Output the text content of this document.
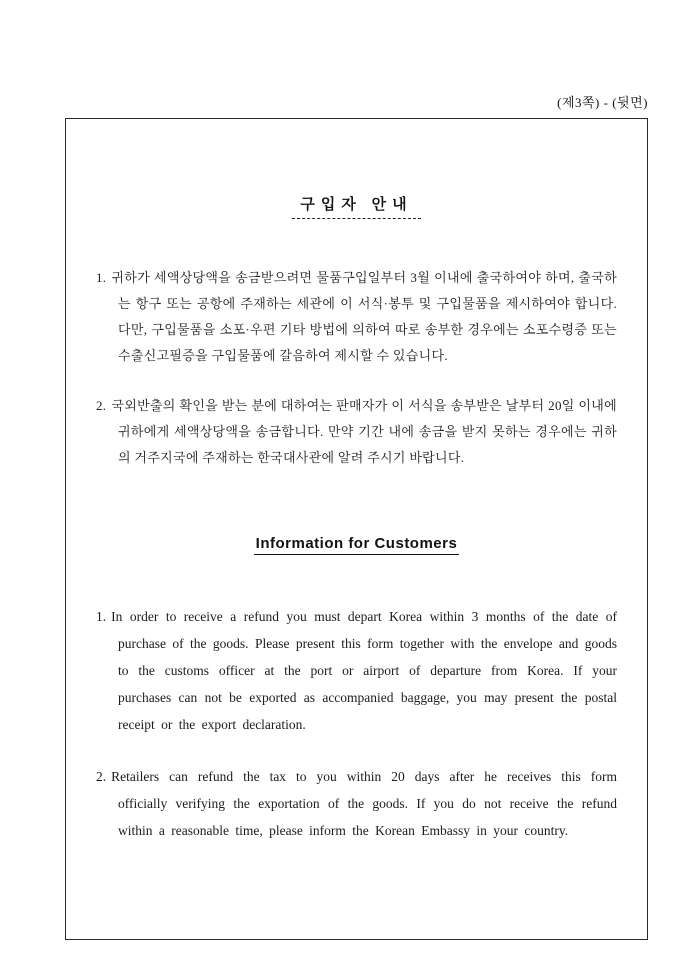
(제3쪽) - (뒷면)
구입자 안내
1. 귀하가 세액상당액을 송금받으려면 물품구입일부터 3월 이내에 출국하여야 하며, 출국하는 항구 또는 공항에 주재하는 세관에 이 서식·봉투 및 구입물품을 제시하여야 합니다. 다만, 구입물품을 소포·우편 기타 방법에 의하여 따로 송부한 경우에는 소포수령증 또는 수출신고필증을 구입물품에 갈음하여 제시할 수 있습니다.
2. 국외반출의 확인을 받는 분에 대하여는 판매자가 이 서식을 송부받은 날부터 20일 이내에 귀하에게 세액상당액을 송금합니다. 만약 기간 내에 송금을 받지 못하는 경우에는 귀하의 거주지국에 주재하는 한국대사관에 알려 주시기 바랍니다.
Information for Customers
1. In order to receive a refund you must depart Korea within 3 months of the date of purchase of the goods. Please present this form together with the envelope and goods to the customs officer at the port or airport of departure from Korea. If your purchases can not be exported as accompanied baggage, you may present the postal receipt or the export declaration.
2. Retailers can refund the tax to you within 20 days after he receives this form officially verifying the exportation of the goods. If you do not receive the refund within a reasonable time, please inform the Korean Embassy in your country.
